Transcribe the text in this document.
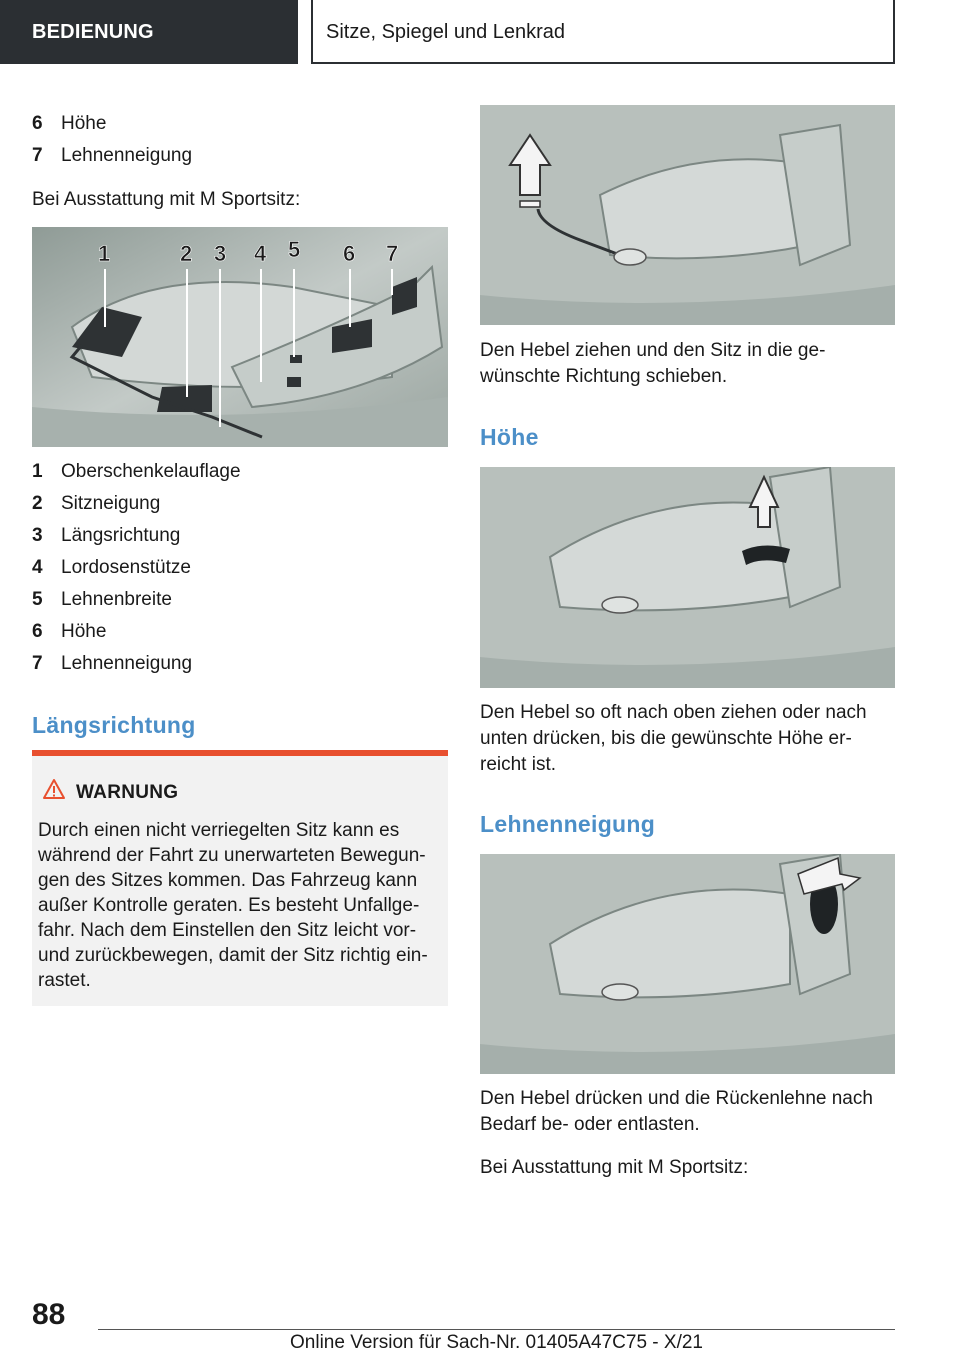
BEDIENUNG	Sitze, Spiegel und Lenkrad
6 Höhe
7 Lehnenneigung

Bei Ausstattung mit M Sportsitz:

1	2 3 4 5 6 7
1 Oberschenkelauflage
2 Sitzneigung
3 Längsrichtung
4 Lordosenstütze
5 Lehnenbreite
6 Höhe
7 Lehnenneigung
Längsrichtung
WARNUNG

Durch einen nicht verriegelten Sitz kann es während der Fahrt zu unerwarteten Bewegun-gen des Sitzes kommen. Das Fahrzeug kann außer Kontrolle geraten. Es besteht Unfallge-fahr. Nach dem Einstellen den Sitz leicht vor- und zurückbewegen, damit der Sitz richtig ein-rastet.

Den Hebel ziehen und den Sitz in die ge-wünschte Richtung schieben.

Höhe

Den Hebel so oft nach oben ziehen oder nach unten drücken, bis die gewünschte Höhe er-reicht ist.

Lehnenneigung

Den Hebel drücken und die Rückenlehne nach Bedarf be- oder entlasten.

Bei Ausstattung mit M Sportsitz:

88
Online Version für Sach-Nr. 01405A47C75 - X/21
